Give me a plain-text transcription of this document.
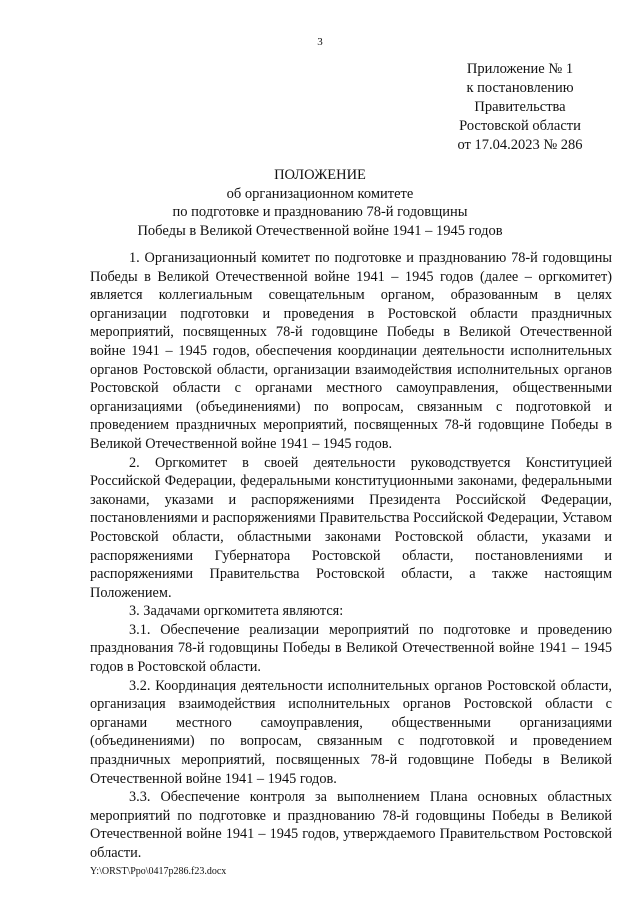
3
Приложение № 1
к постановлению
Правительства
Ростовской области
от 17.04.2023 № 286
ПОЛОЖЕНИЕ
об организационном комитете
по подготовке и празднованию 78-й годовщины
Победы в Великой Отечественной войне 1941 – 1945 годов

1. Организационный комитет по подготовке и празднованию 78-й годовщины Победы в Великой Отечественной войне 1941 – 1945 годов (далее – оргкомитет) является коллегиальным совещательным органом, образованным в целях организации подготовки и проведения в Ростовской области праздничных мероприятий, посвященных 78-й годовщине Победы в Великой Отечественной войне 1941 – 1945 годов, обеспечения координации деятельности исполнительных органов Ростовской области, организации взаимодействия исполнительных органов Ростовской области с органами местного самоуправления, общественными организациями (объединениями) по вопросам, связанным с подготовкой и проведением праздничных мероприятий, посвященных 78-й годовщине Победы в Великой Отечественной войне 1941 – 1945 годов.

2. Оргкомитет в своей деятельности руководствуется Конституцией Российской Федерации, федеральными конституционными законами, федеральными законами, указами и распоряжениями Президента Российской Федерации, постановлениями и распоряжениями Правительства Российской Федерации, Уставом Ростовской области, областными законами Ростовской области, указами и распоряжениями Губернатора Ростовской области, постановлениями и распоряжениями Правительства Ростовской области, а также настоящим Положением.

3. Задачами оргкомитета являются:

3.1. Обеспечение реализации мероприятий по подготовке и проведению празднования 78-й годовщины Победы в Великой Отечественной войне 1941 – 1945 годов в Ростовской области.

3.2. Координация деятельности исполнительных органов Ростовской области, организация взаимодействия исполнительных органов Ростовской области с органами местного самоуправления, общественными организациями (объединениями) по вопросам, связанным с подготовкой и проведением праздничных мероприятий, посвященных 78-й годовщине Победы в Великой Отечественной войне 1941 – 1945 годов.

3.3. Обеспечение контроля за выполнением Плана основных областных мероприятий по подготовке и празднованию 78-й годовщины Победы в Великой Отечественной войне 1941 – 1945 годов, утверждаемого Правительством Ростовской области.

Y:\ORST\Ppo\0417p286.f23.docx
